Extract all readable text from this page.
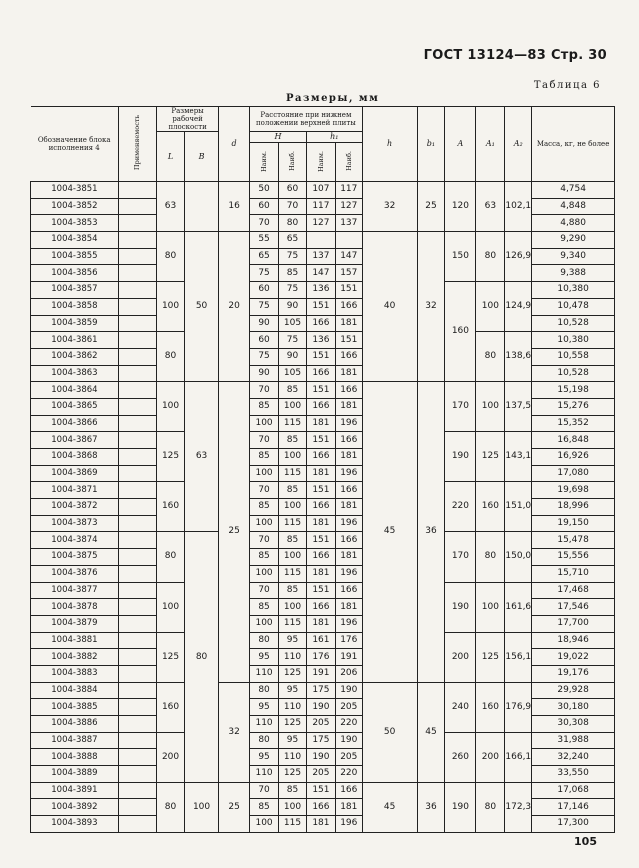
ГОСТ 13124—83 Стр. 30
Таблица 6
Размеры, мм
Обозначение блока исполнения 4	Применяемость	Размеры рабочей плоскости		d	Расстояние при нижнем положении верхней плиты				h	b₁	A	A₁	A₂	Масса, кг, не более
		L	B		H		h₁							
					Наим.	Наиб.	Наим.	Наиб.						
1004-3851		63		16	50	60	107	117	32	25	120	63	102,1	4,754
1004-3852					60	70	117	127						4,848
1004-3853					70	80	127	137						4,880
1004-3854		80	50	20	55	65			40	32	150	80	126,9	9,290
1004-3855					65	75	137	147						9,340
1004-3856					75	85	147	157						9,388
1004-3857		100			60	75	136	151			160	100	124,9	10,380
1004-3858					75	90	151	166						10,478
1004-3859					90	105	166	181						10,528
1004-3861		80			60	75	136	151				80	138,6	10,380
1004-3862					75	90	151	166						10,558
1004-3863					90	105	166	181						10,528
1004-3864		100	63	25	70	85	151	166	45	36	170	100	137,5	15,198
1004-3865					85	100	166	181						15,276
1004-3866					100	115	181	196						15,352
1004-3867		125			70	85	151	166			190	125	143,1	16,848
1004-3868					85	100	166	181						16,926
1004-3869					100	115	181	196						17,080
1004-3871		160			70	85	151	166			220	160	151,0	19,698
1004-3872					85	100	166	181						18,996
1004-3873					100	115	181	196						19,150
1004-3874		80	80		70	85	151	166			170	80	150,0	15,478
1004-3875					85	100	166	181						15,556
1004-3876					100	115	181	196						15,710
1004-3877		100			70	85	151	166			190	100	161,6	17,468
1004-3878					85	100	166	181						17,546
1004-3879					100	115	181	196						17,700
1004-3881		125			80	95	161	176			200	125	156,1	18,946
1004-3882					95	110	176	191						19,022
1004-3883					110	125	191	206						19,176
1004-3884		160		32	80	95	175	190	50	45	240	160	176,9	29,928
1004-3885					95	110	190	205						30,180
1004-3886					110	125	205	220						30,308
1004-3887		200			80	95	175	190			260	200	166,1	31,988
1004-3888					95	110	190	205						32,240
1004-3889					110	125	205	220						33,550
1004-3891		80	100	25	70	85	151	166	45	36	190	80	172,3	17,068
1004-3892					85	100	166	181						17,146
1004-3893					100	115	181	196						17,300
105
